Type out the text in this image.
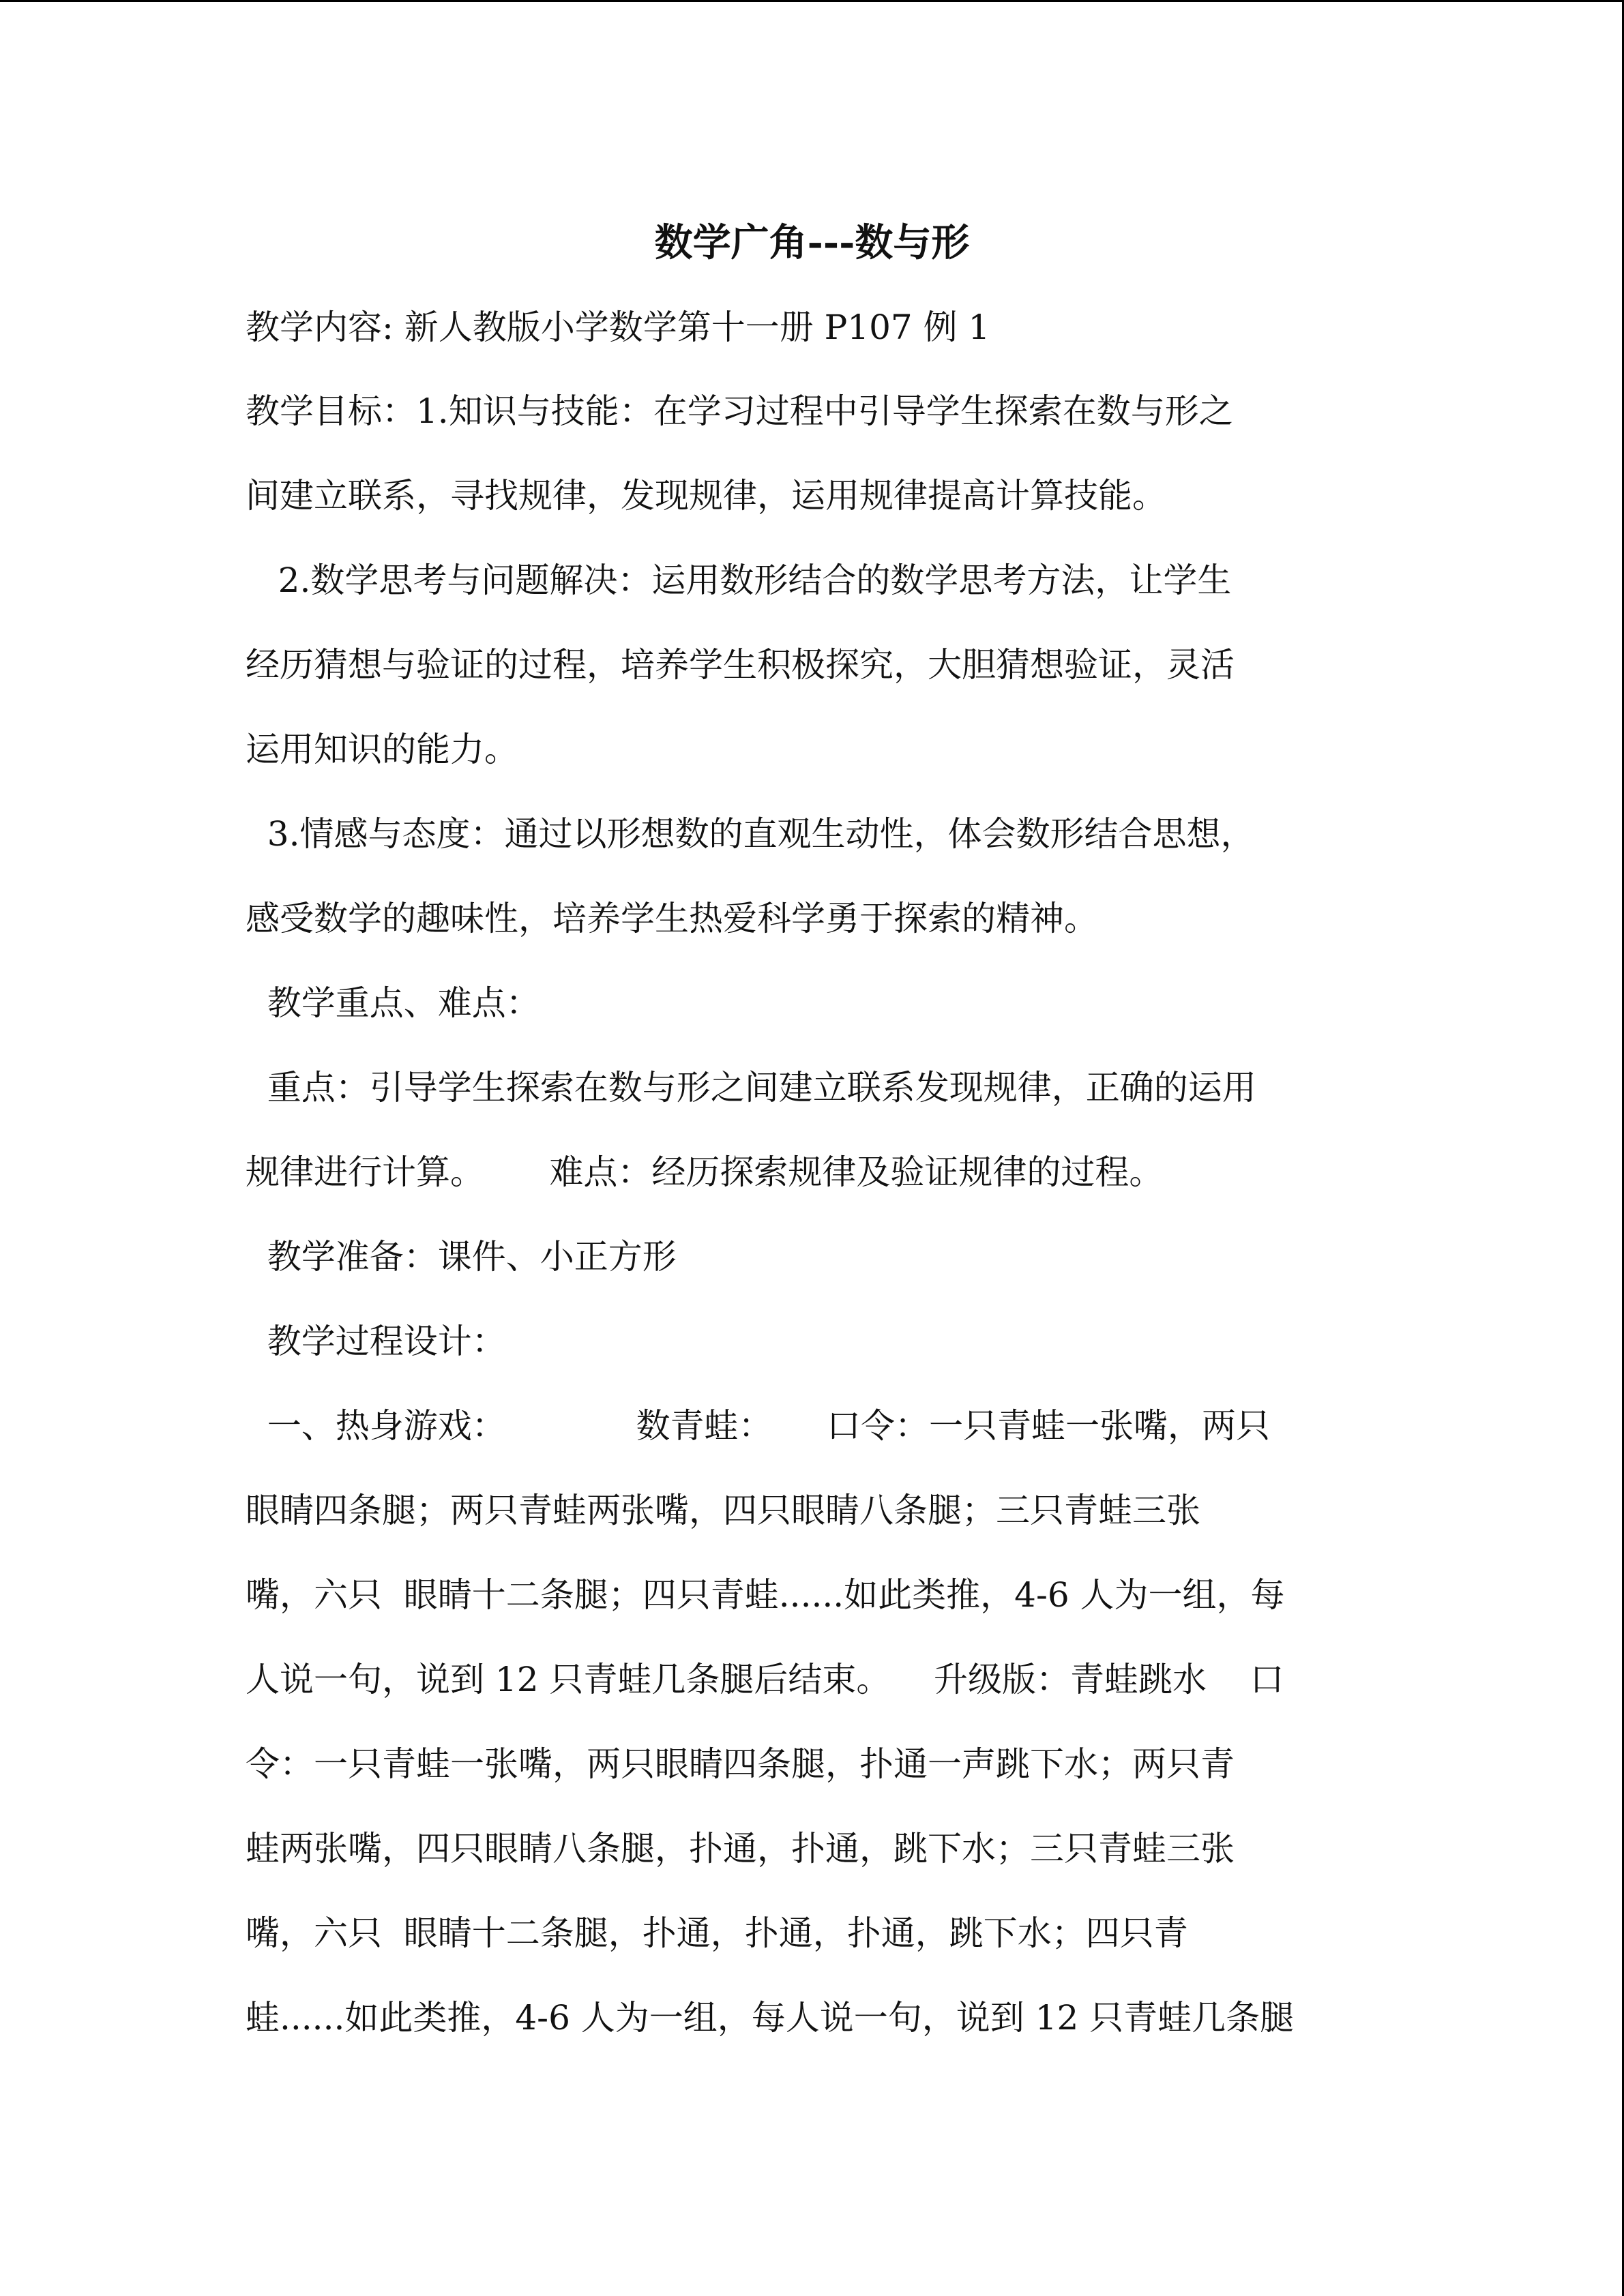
数学广角---数与形
教学内容: 新人教版小学数学第十一册 P107 例 1
教学目标：1.知识与技能：在学习过程中引导学生探索在数与形之
间建立联系，寻找规律，发现规律，运用规律提高计算技能。
2.数学思考与问题解决：运用数形结合的数学思考方法，让学生
经历猜想与验证的过程，培养学生积极探究，大胆猜想验证，灵活
运用知识的能力。
3.情感与态度：通过以形想数的直观生动性，体会数形结合思想，
感受数学的趣味性，培养学生热爱科学勇于探索的精神。
教学重点、难点：
重点：引导学生探索在数与形之间建立联系发现规律，正确的运用
规律进行计算。      难点：经历探索规律及验证规律的过程。
教学准备：课件、小正方形
教学过程设计：
一、热身游戏：            数青蛙：     口令：一只青蛙一张嘴，两只
眼睛四条腿；两只青蛙两张嘴，四只眼睛八条腿；三只青蛙三张
嘴，六只  眼睛十二条腿；四只青蛙......如此类推，4-6 人为一组，每
人说一句，说到 12 只青蛙几条腿后结束。    升级版：青蛙跳水    口
令：一只青蛙一张嘴，两只眼睛四条腿，扑通一声跳下水；两只青
蛙两张嘴，四只眼睛八条腿，扑通，扑通，跳下水；三只青蛙三张
嘴，六只  眼睛十二条腿，扑通，扑通，扑通，跳下水；四只青
蛙......如此类推，4-6 人为一组，每人说一句，说到 12 只青蛙几条腿
